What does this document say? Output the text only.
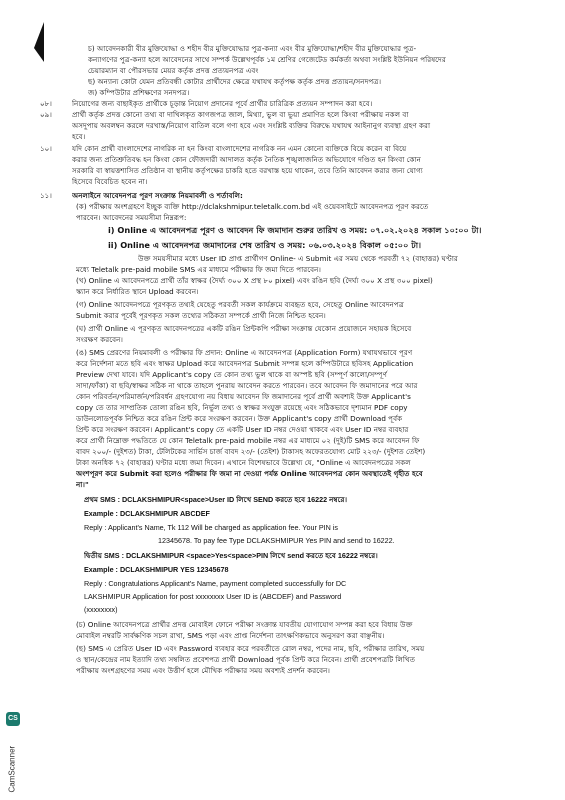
চ) আবেদনকারী বীর মুক্তিযোদ্ধা ও শহীদ বীর মুক্তিযোদ্ধার পুত্র-কন্যা এবং বীর মুক্তিযোদ্ধা/শহীদ বীর মুক্তিযোদ্ধার পুত্র-
কন্যাগণের পুত্র-কন্যা হলে আবেদনের সাথে সম্পর্ক উল্লেখপূর্বক ১ম শ্রেণির গেজেটেড কর্মকর্তা অথবা সংশ্লিষ্ট ইউনিয়ন পরিষদের
চেয়ারম্যান বা পৌরসভার মেয়র কর্তৃক প্রদত্ত প্রত্যয়নপত্র এবং
ছ) অন্যান্য কোটা যেমন প্রতিবন্ধী কোটার প্রার্থীদের ক্ষেত্রে যথাযথ কর্তৃপক্ষ কর্তৃক প্রদত্ত প্রত্যয়ন/সনদপত্র।
জ) কম্পিউটার প্রশিক্ষণের সনদপত্র।
নিয়োগের জন্য বাছাইকৃত প্রার্থীকে চূড়ান্ত নিয়োগ প্রদানের পূর্বে প্রার্থীর চারিত্রিক প্রত্যয়ন সম্পাদন করা হবে।
প্রার্থী কর্তৃক প্রদত্ত কোনো তথ্য বা দাখিলকৃত কাগজপত্র জাল, মিথ্যা, ভুল বা ভুয়া প্রমাণিত হলে কিংবা পরীক্ষায় নকল বা
অসদুপায় অবলম্বন করলে দরখাস্ত/নিয়োগ বাতিল বলে গণ্য হবে এবং সংশ্লিষ্ট ব্যক্তির বিরুদ্ধে যথাযথ আইনানুগ ব্যবস্থা গ্রহণ করা
হবে।
যদি কোন প্রার্থী বাংলাদেশের নাগরিক না হন কিংবা বাংলাদেশের নাগরিক নন এমন কোনো ব্যক্তিকে বিয়ে করেন বা বিয়ে
করার জন্য প্রতিশ্রুতিবদ্ধ হন কিংবা কোন ফৌজদারী আদালত কর্তৃক নৈতিক শৃঙ্খলাজনিত অভিযোগে দণ্ডিত হন কিংবা কোন
সরকারি বা স্বায়ত্তশাসিত প্রতিষ্ঠান বা স্থানীয় কর্তৃপক্ষের চাকরি হতে বরখাস্ত হয়ে থাকেন, তবে তিনি আবেদন করার জন্য যোগ্য
হিসেবে বিবেচিত হবেন না।
অনলাইনে আবেদনপত্র পূরণ সংক্রান্ত নিয়মাবলী ও শর্তাবলি:
(ক) পরীক্ষায় অংশগ্রহণে ইচ্ছুক ব্যক্তি http://dclakshmipur.teletalk.com.bd এই ওয়েবসাইটে আবেদনপত্র পূরণ করতে
পারবেন। আবেদনের সময়সীমা নিম্নরূপ:
i) Online এ আবেদনপত্র পূরণ ও আবেদন ফি জমাদান শুরুর তারিখ ও সময়: ০৭.০২.২০২৪ সকাল ১০:০০ টা।
ii) Online এ আবেদনপত্র জমাদানের শেষ তারিখ ও সময়: ০৬.০৩.২০২৪ বিকাল ০৫:০০ টা।
উক্ত সময়সীমার মধ্যে User ID প্রাপ্ত প্রার্থীগণ Online- এ Submit এর সময় থেকে পরবর্তী ৭২ (বাহাত্তর) ঘণ্টার
মধ্যে Teletalk pre-paid mobile SMS এর মাধ্যমে পরীক্ষার ফি জমা দিতে পারবেন।
(খ) Online এ আবেদনপত্রে প্রার্থী তাঁর স্বাক্ষর (দৈর্ঘ্য ৩০০ X প্রস্থ ৮০ pixel) এবং রঙিন ছবি (দৈর্ঘ্য ৩০০ X প্রস্থ ৩০০ pixel)
স্ক্যান করে নির্ধারিত স্থানে Upload করবেন।
(গ) Online আবেদনপত্রে পূরণকৃত তথ্যই যেহেতু পরবর্তী সকল কার্যক্রমে ব্যবহৃত হবে, সেহেতু Online আবেদনপত্র
Submit করার পূর্বেই পূরণকৃত সকল তথ্যের সঠিকতা সম্পর্কে প্রার্থী নিজে নিশ্চিত হবেন।
(ঘ) প্রার্থী Online এ পূরণকৃত আবেদনপত্রের একটি রঙিন প্রিন্টকপি পরীক্ষা সংক্রান্ত যেকোন প্রয়োজনে সহায়ক হিসেবে
সংরক্ষণ করবেন।
(ঙ) SMS প্রেরণের নিয়মাবলী ও পরীক্ষার ফি প্রদান: Online এ আবেদনপত্র (Application Form) যথাযথভাবে পূরণ
করে নির্দেশনা মতে ছবি এবং স্বাক্ষর Upload করে আবেদনপত্র Submit সম্পন্ন হলে কম্পিউটারে ছবিসহ Application
Preview দেখা যাবে। যদি Applicant's copy তে কোন তথ্য ভুল থাকে বা অস্পষ্ট ছবি (সম্পূর্ণ কালো/সম্পূর্ণ
সাদা/ফাঁকা) বা ছবি/স্বাক্ষর সঠিক না থাকে তাহলে পুনরায় আবেদন করতে পারবেন। তবে আবেদন ফি জমাদানের পরে আর
কোন পরিবর্তন/পরিমার্জন/পরিবর্ধন গ্রহণযোগ্য নয় বিধায় আবেদন ফি জমাদানের পূর্বে প্রার্থী অবশ্যই উক্ত Applicant's
copy তে তার সাম্প্রতিক তোলা রঙিন ছবি, নির্ভুল তথ্য ও স্বাক্ষর সংযুক্ত রয়েছে এবং সঠিকভাবে দৃশ্যমান PDF copy
ডাউনলোডপূর্বক নিশ্চিত করে রঙিন প্রিন্ট করে সংরক্ষণ করবেন। উক্ত Applicant's copy প্রার্থী Download পূর্বক
প্রিন্ট করে সংরক্ষণ করবেন। Applicant's copy তে একটি User ID নম্বর দেওয়া থাকবে এবং User ID নম্বর ব্যবহার
করে প্রার্থী নিম্নোক্ত পদ্ধতিতে যে কোন Teletalk pre-paid mobile নম্বর এর মাধ্যমে ০২ (দুই)টি SMS করে আবেদন ফি
বাবদ ২০০/- (দুইশত) টাকা, টেলিটকের সার্ভিস চার্জ বাবদ ২৩/- (তেইশ) টাকাসহ অফেরতযোগ্য মোট ২২৩/- (দুইশত তেইশ)
টাকা অনধিক ৭২ (বাহাত্তর) ঘণ্টার মধ্যে জমা দিবেন। এখানে বিশেষভাবে উল্লেখ্য যে, "Online এ আবেদনপত্রের সকল
অংশপূরণ করে Submit করা হলেও পরীক্ষার ফি জমা না দেওয়া পর্যন্ত Online আবেদনপত্র কোন অবস্থাতেই গৃহীত হবে
না।"
প্রথম SMS : DCLAKSHMIPUR<space>User ID লিখে SEND করতে হবে 16222 নম্বরে।
Example : DCLAKSHMIPUR ABCDEF
Reply : Applicant's Name, Tk 112 Will be charged as application fee. Your PIN is
12345678. To pay fee Type DCLAKSHMIPUR Yes PIN and send to 16222.
দ্বিতীয় SMS : DCLAKSHMIPUR <space>Yes<space>PIN লিখে send করতে হবে 16222 নম্বরে।
Example : DCLAKSHMIPUR YES 12345678
Reply : Congratulations Applicant's Name, payment completed successfully for DC
LAKSHMIPUR Application for post xxxxxxxx User ID is (ABCDEF) and Password
(xxxxxxxx)
(চ) Online আবেদনপত্রে প্রার্থীর প্রদত্ত মোবাইল ফোনে পরীক্ষা সংক্রান্ত যাবতীয় যোগাযোগ সম্পন্ন করা হবে বিধায় উক্ত
মোবাইল নম্বরটি সার্বক্ষণিক সচল রাখা, SMS পড়া এবং প্রাপ্ত নির্দেশনা তাৎক্ষণিকভাবে অনুসরণ করা বাঞ্ছনীয়।
(ছ) SMS এ প্রেরিত User ID এবং Password ব্যবহার করে পরবর্তীতে রোল নম্বর, পদের নাম, ছবি, পরীক্ষার তারিখ, সময়
ও স্থান/কেন্দ্রের নাম ইত্যাদি তথ্য সম্বলিত প্রবেশপত্র প্রার্থী Download পূর্বক প্রিন্ট করে নিবেন। প্রার্থী প্রবেশপত্রটি লিখিত
পরীক্ষায় অংশগ্রহণের সময় এবং উত্তীর্ণ হলে মৌখিক পরীক্ষার সময় অবশ্যই প্রদর্শন করবেন।
০৮।
০৯।
১০।
১১।
CS
CamScanner
